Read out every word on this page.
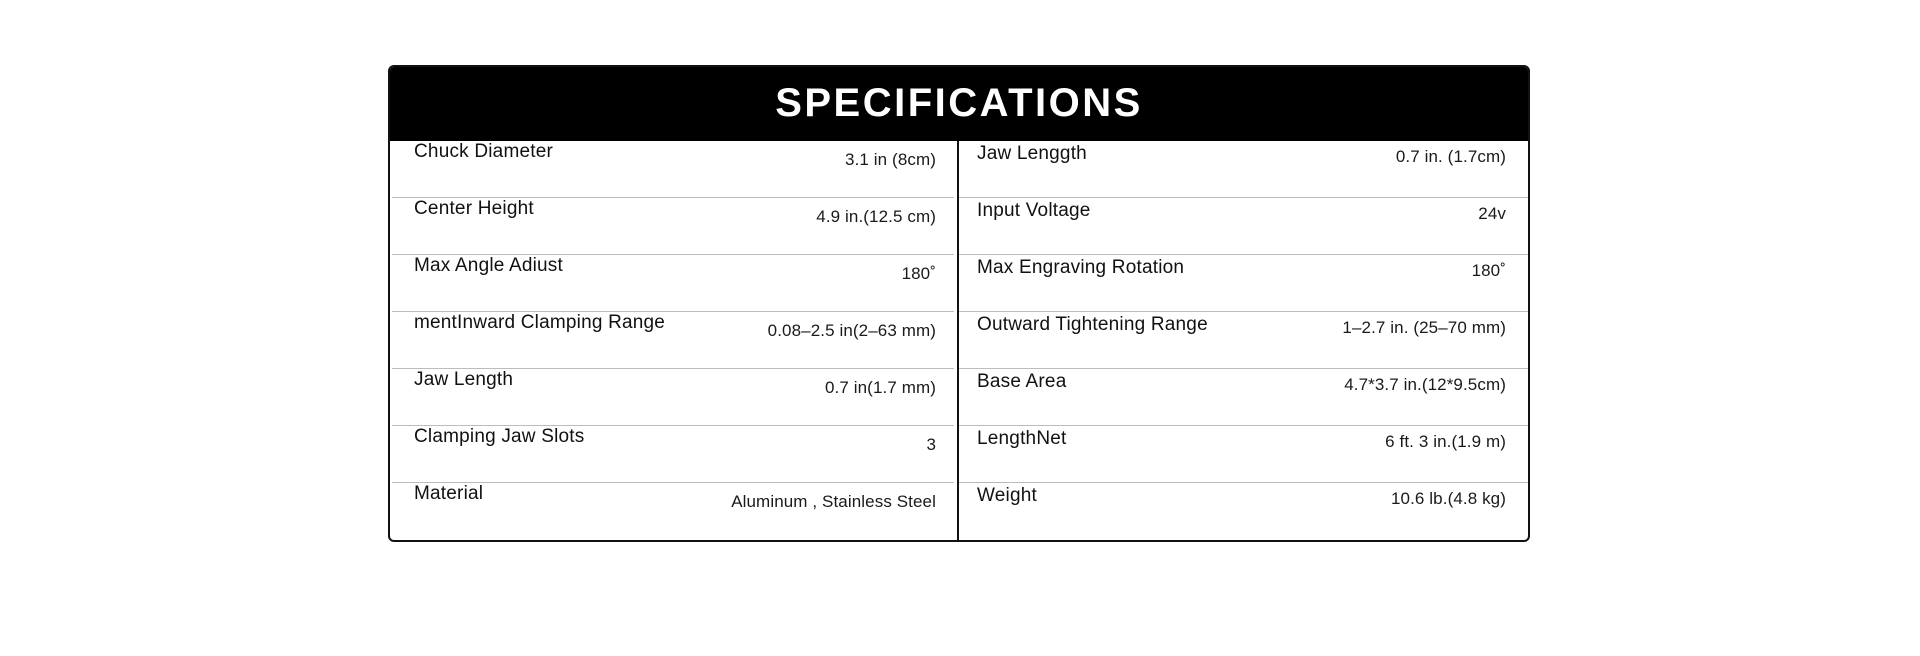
SPECIFICATIONS
Chuck Diameter	3.1 in (8cm)
Center Height	4.9 in.(12.5 cm)
Max Angle Adiust	180˚
mentInward Clamping Range	0.08–2.5 in(2–63 mm)
Jaw Length	0.7 in(1.7 mm)
Clamping Jaw Slots	3
Material	Aluminum , Stainless Steel
Jaw Lenggth	0.7 in. (1.7cm)
Input Voltage	24v
Max Engraving Rotation	180˚
Outward Tightening Range	1–2.7 in. (25–70 mm)
Base Area	4.7*3.7 in.(12*9.5cm)
LengthNet	6 ft. 3 in.(1.9 m)
Weight	10.6 lb.(4.8 kg)
